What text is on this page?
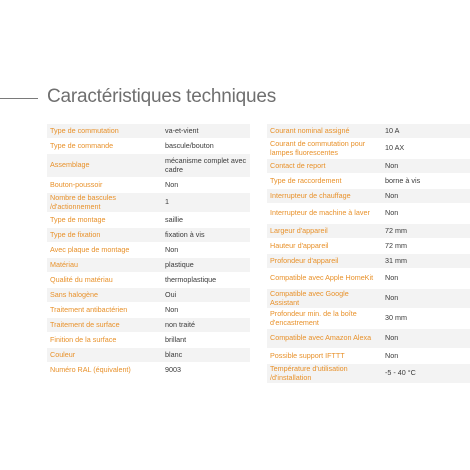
Caractéristiques techniques
Type de commutation	va-et-vient
Type de commande	bascule/bouton
Assemblage	mécanisme complet avec cadre
Bouton-poussoir	Non
Nombre de bascules /d'actionnement	1
Type de montage	saillie
Type de fixation	fixation à vis
Avec plaque de montage	Non
Matériau	plastique
Qualité du matériau	thermoplastique
Sans halogène	Oui
Traitement antibactérien	Non
Traitement de surface	non traité
Finition de la surface	brillant
Couleur	blanc
Numéro RAL (équivalent)	9003
Courant nominal assigné	10 A
Courant de commutation pour lampes fluorescentes	10 AX
Contact de report	Non
Type de raccordement	borne à vis
Interrupteur de chauffage	Non
Interrupteur de machine à laver	Non
Largeur d'appareil	72 mm
Hauteur d'appareil	72 mm
Profondeur d'appareil	31 mm
Compatible avec Apple HomeKit	Non
Compatible avec Google Assistant	Non
Profondeur min. de la boîte d'encastrement	30 mm
Compatible avec Amazon Alexa	Non
Possible support IFTTT	Non
Température d'utilisation /d'installation	-5 - 40 °C
